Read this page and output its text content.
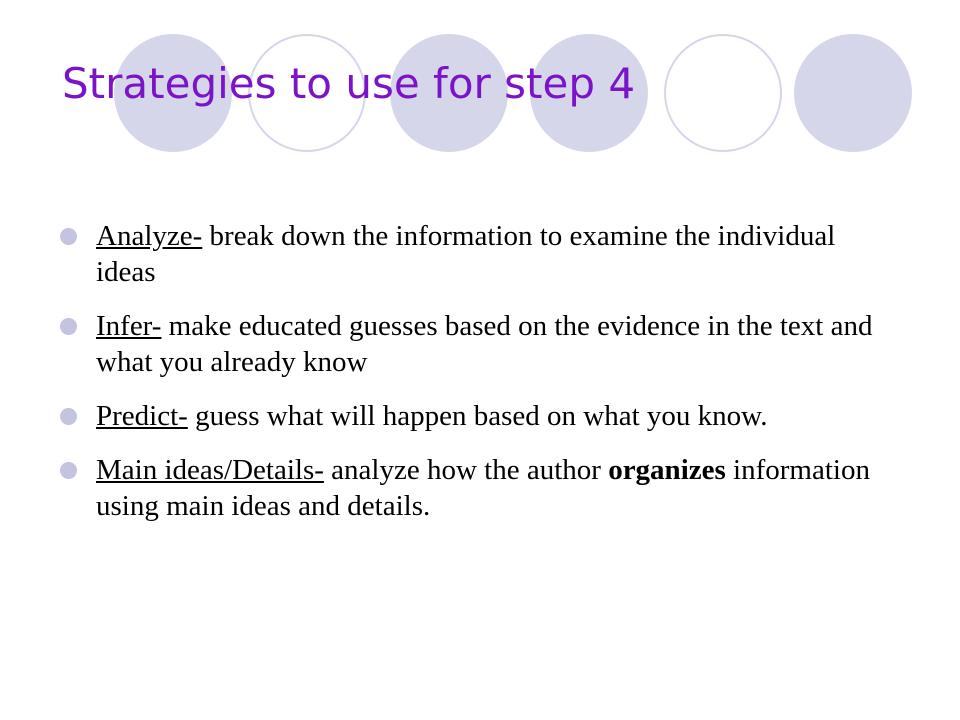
Strategies to use for step 4
Analyze- break down the information to examine the individual ideas
Infer- make educated guesses based on the evidence in the text and what you already know
Predict- guess what will happen based on what you know.
Main ideas/Details- analyze how the author organizes information using main ideas and details.
